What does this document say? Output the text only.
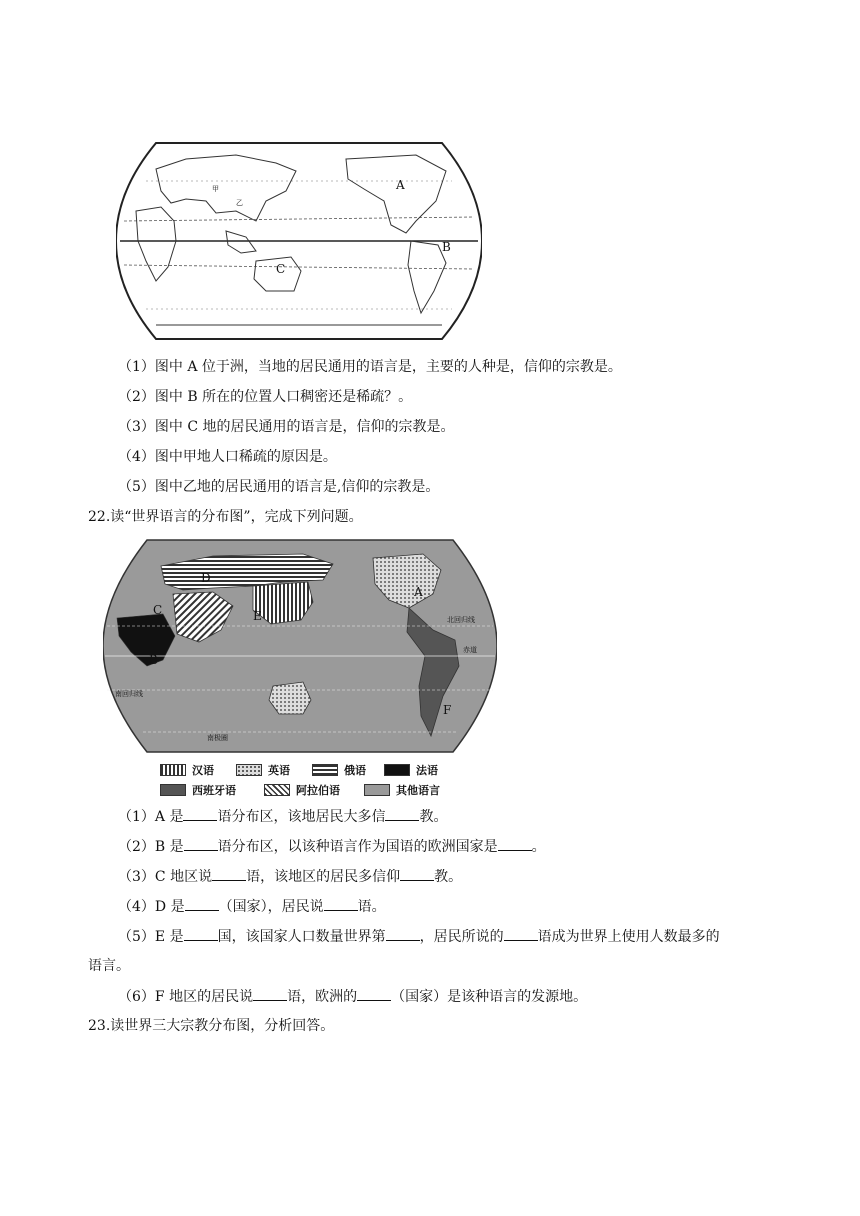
A
B
C
甲
乙
（1）图中 A 位于洲，当地的居民通用的语言是，主要的人种是，信仰的宗教是。
（2）图中 B 所在的位置人口稠密还是稀疏？。
（3）图中 C 地的居民通用的语言是，信仰的宗教是。
（4）图中甲地人口稀疏的原因是。
（5）图中乙地的居民通用的语言是,信仰的宗教是。
22.读“世界语言的分布图”，完成下列问题。
A
B
C
D
E
F
北回归线
赤道
南回归线
南极圈
汉语	英语	俄语	法语
西班牙语	阿拉伯语	其他语言
（1）A 是 语分布区，该地居民大多信 教。
（2）B 是 语分布区，以该种语言作为国语的欧洲国家是 。
（3）C 地区说 语，该地区的居民多信仰 教。
（4）D 是 （国家），居民说 语。
（5）E 是 国，该国家人口数量世界第 ，居民所说的 语成为世界上使用人数最多的
语言。
（6）F 地区的居民说 语，欧洲的 （国家）是该种语言的发源地。
23.读世界三大宗教分布图，分析回答。
